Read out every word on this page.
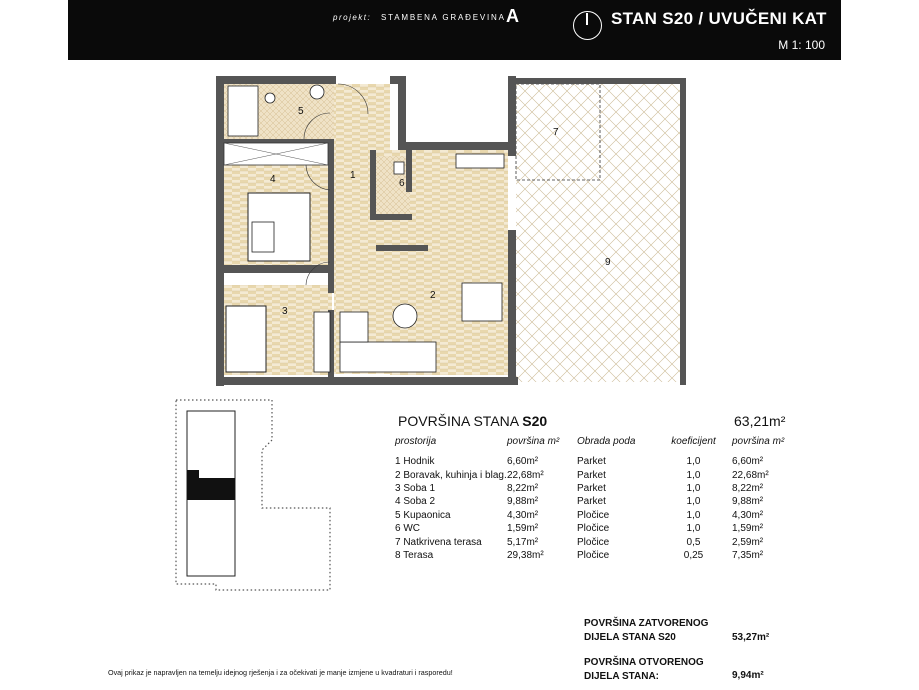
projekt: STAMBENA GRAĐEVINA A	STAN S20 / UVUČENI KAT
M 1: 100
1
2
3
4
5
6
7
9
POVRŠINA STANA S20	63,21m²
prostorija	površina m²	Obrada poda	koeficijent	površina m²
1 Hodnik	6,60m²	Parket	1,0	6,60m²
2 Boravak, kuhinja i blag.	22,68m²	Parket	1,0	22,68m²
3 Soba 1	8,22m²	Parket	1,0	8,22m²
4 Soba 2	9,88m²	Parket	1,0	9,88m²
5 Kupaonica	4,30m²	Pločice	1,0	4,30m²
6 WC	1,59m²	Pločice	1,0	1,59m²
7 Natkrivena terasa	5,17m²	Pločice	0,5	2,59m²
8 Terasa	29,38m²	Pločice	0,25	7,35m²
POVRŠINA ZATVORENOG
DIJELA STANA S20	53,27m²
POVRŠINA OTVORENOG
DIJELA STANA:	9,94m²
Ovaj prikaz je napravljen na temelju idejnog rješenja i za očekivati je manje izmjene u kvadraturi i rasporedu!
